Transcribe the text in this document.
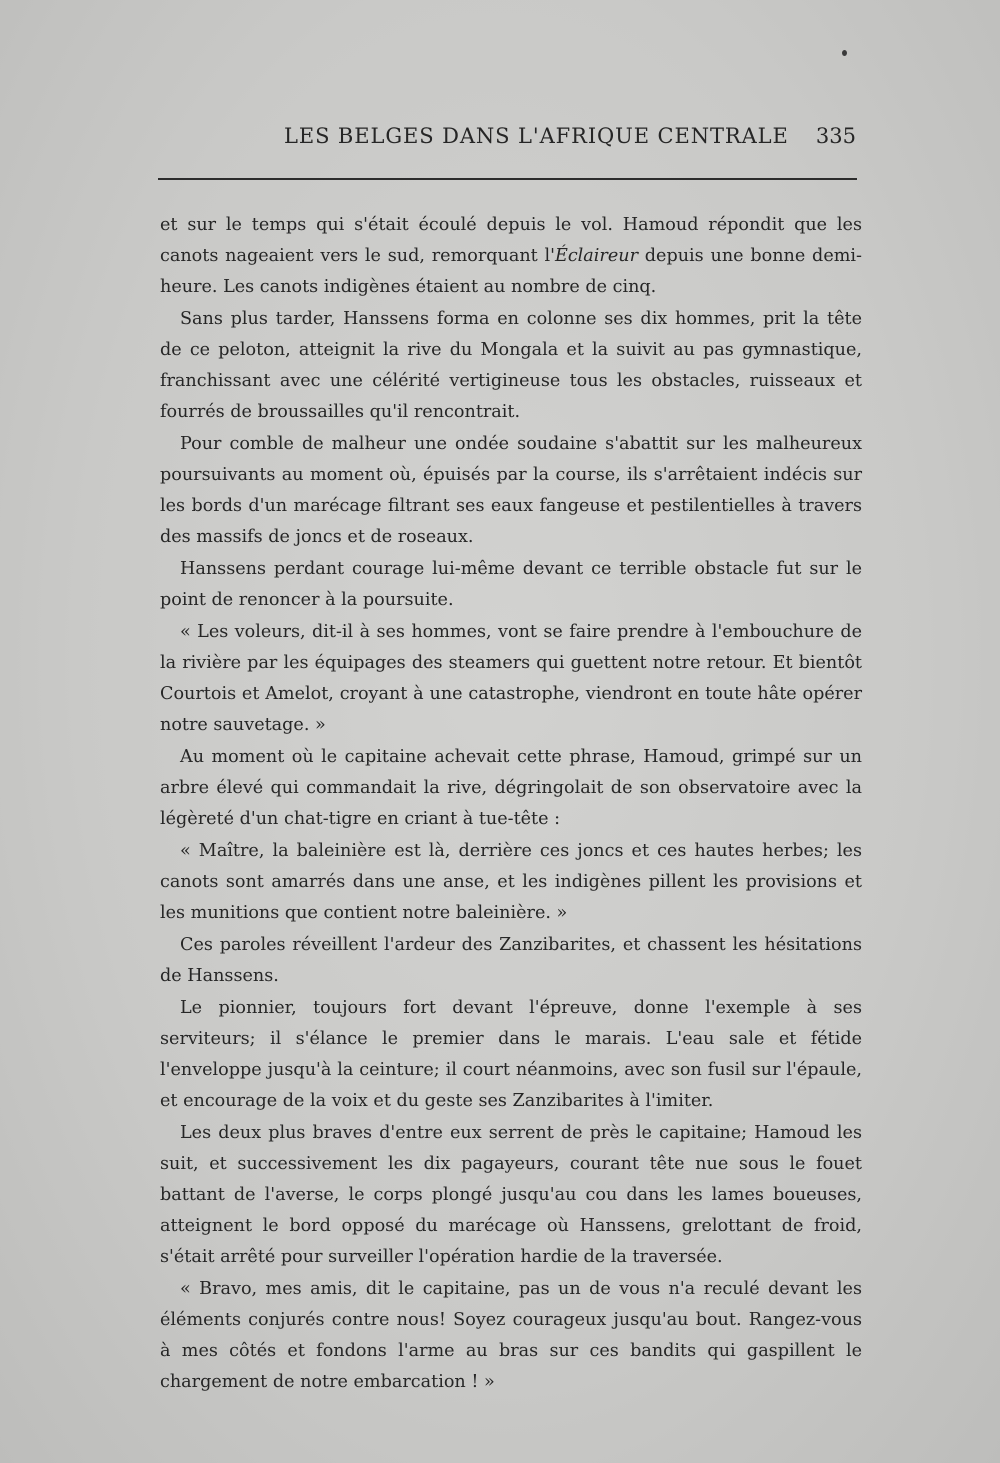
LES BELGES DANS L'AFRIQUE CENTRALE 335

et sur le temps qui s'était écoulé depuis le vol. Hamoud répondit que les canots nageaient vers le sud, remorquant l'Éclaireur depuis une bonne demi-heure. Les canots indigènes étaient au nombre de cinq.

Sans plus tarder, Hanssens forma en colonne ses dix hommes, prit la tête de ce peloton, atteignit la rive du Mongala et la suivit au pas gymnastique, franchissant avec une célérité vertigineuse tous les obstacles, ruisseaux et fourrés de broussailles qu'il rencontrait.

Pour comble de malheur une ondée soudaine s'abattit sur les malheureux poursuivants au moment où, épuisés par la course, ils s'arrêtaient indécis sur les bords d'un marécage filtrant ses eaux fangeuse et pestilentielles à travers des massifs de joncs et de roseaux.

Hanssens perdant courage lui-même devant ce terrible obstacle fut sur le point de renoncer à la poursuite.

« Les voleurs, dit-il à ses hommes, vont se faire prendre à l'embouchure de la rivière par les équipages des steamers qui guettent notre retour. Et bientôt Courtois et Amelot, croyant à une catastrophe, viendront en toute hâte opérer notre sauvetage. »

Au moment où le capitaine achevait cette phrase, Hamoud, grimpé sur un arbre élevé qui commandait la rive, dégringolait de son observatoire avec la légèreté d'un chat-tigre en criant à tue-tête :

« Maître, la baleinière est là, derrière ces joncs et ces hautes herbes; les canots sont amarrés dans une anse, et les indigènes pillent les provisions et les munitions que contient notre baleinière. »

Ces paroles réveillent l'ardeur des Zanzibarites, et chassent les hésitations de Hanssens.

Le pionnier, toujours fort devant l'épreuve, donne l'exemple à ses serviteurs; il s'élance le premier dans le marais. L'eau sale et fétide l'enveloppe jusqu'à la ceinture; il court néanmoins, avec son fusil sur l'épaule, et encourage de la voix et du geste ses Zanzibarites à l'imiter.

Les deux plus braves d'entre eux serrent de près le capitaine; Hamoud les suit, et successivement les dix pagayeurs, courant tête nue sous le fouet battant de l'averse, le corps plongé jusqu'au cou dans les lames boueuses, atteignent le bord opposé du marécage où Hanssens, grelottant de froid, s'était arrêté pour surveiller l'opération hardie de la traversée.

« Bravo, mes amis, dit le capitaine, pas un de vous n'a reculé devant les éléments conjurés contre nous! Soyez courageux jusqu'au bout. Rangez-vous à mes côtés et fondons l'arme au bras sur ces bandits qui gaspillent le chargement de notre embarcation ! »
